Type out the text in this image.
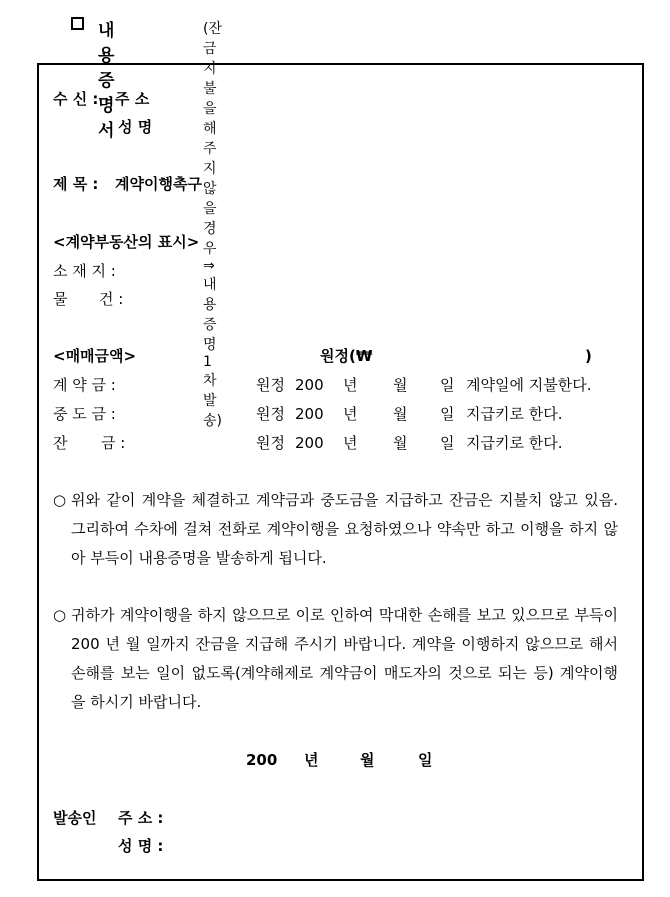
내용증명서
(잔금 지불을 해주지 않을 경우 ⇒ 내용증명 1차 발송)
수 신 : 주 소
성 명
제 목 : 계약이행촉구
<계약부동산의 표시>
소 재 지 :
물 건 :
<매매금액>	원정(₩	)
계 약 금 :	원정 200 년 월 일 계약일에 지불한다.
중 도 금 :	원정 200 년 월 일 지급키로 한다.
잔 금 :	원정 200 년 월 일 지급키로 한다.
○ 위와 같이 계약을 체결하고 계약금과 중도금을 지급하고 잔금은 지불치 않고 있음. 그리하여 수차에 걸쳐 전화로 계약이행을 요청하였으나 약속만 하고 이행을 하지 않아 부득이 내용증명을 발송하게 됩니다.
○ 귀하가 계약이행을 하지 않으므로 이로 인하여 막대한 손해를 보고 있으므로 부득이 200 년 월 일까지 잔금을 지급해 주시기 바랍니다. 계약을 이행하지 않으므로 해서 손해를 보는 일이 없도록(계약해제로 계약금이 매도자의 것으로 되는 등) 계약이행을 하시기 바랍니다.
200 년	월	일
발송인 주 소 :
성 명 :
